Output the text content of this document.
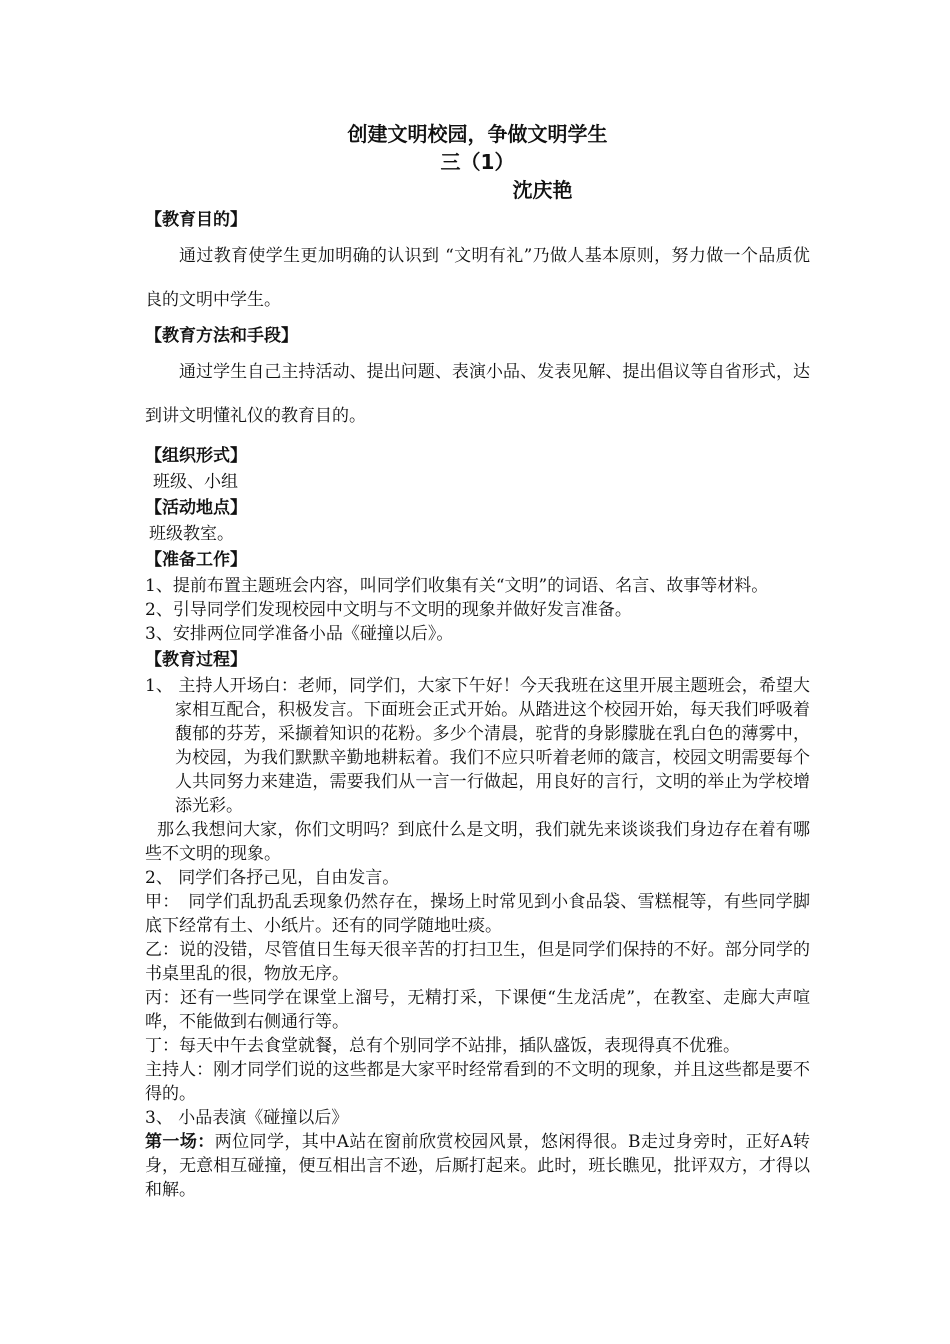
创建文明校园，争做文明学生
三（1）
沈庆艳
【教育目的】
通过教育使学生更加明确的认识到 “文明有礼”乃做人基本原则，努力做一个品质优良的文明中学生。
【教育方法和手段】
通过学生自己主持活动、提出问题、表演小品、发表见解、提出倡议等自省形式，达到讲文明懂礼仪的教育目的。
【组织形式】
班级、小组
【活动地点】
班级教室。
【准备工作】
1、提前布置主题班会内容，叫同学们收集有关“文明”的词语、名言、故事等材料。
2、引导同学们发现校园中文明与不文明的现象并做好发言准备。
3、安排两位同学准备小品《碰撞以后》。
【教育过程】
1、 主持人开场白：老师，同学们，大家下午好！今天我班在这里开展主题班会，希望大家相互配合，积极发言。下面班会正式开始。从踏进这个校园开始，每天我们呼吸着馥郁的芬芳，采撷着知识的花粉。多少个清晨，驼背的身影朦胧在乳白色的薄雾中，为校园，为我们默默辛勤地耕耘着。我们不应只听着老师的箴言，校园文明需要每个人共同努力来建造，需要我们从一言一行做起，用良好的言行，文明的举止为学校增添光彩。
那么我想问大家，你们文明吗？到底什么是文明，我们就先来谈谈我们身边存在着有哪些不文明的现象。
2、 同学们各抒己见，自由发言。
甲：　同学们乱扔乱丢现象仍然存在，操场上时常见到小食品袋、雪糕棍等，有些同学脚底下经常有土、小纸片。还有的同学随地吐痰。
乙：说的没错，尽管值日生每天很辛苦的打扫卫生，但是同学们保持的不好。部分同学的书桌里乱的很，物放无序。
丙：还有一些同学在课堂上溜号，无精打采，下课便“生龙活虎”，在教室、走廊大声喧哗，不能做到右侧通行等。
丁：每天中午去食堂就餐，总有个别同学不站排，插队盛饭，表现得真不优雅。
主持人：刚才同学们说的这些都是大家平时经常看到的不文明的现象，并且这些都是要不得的。
3、 小品表演《碰撞以后》
第一场：两位同学，其中A站在窗前欣赏校园风景，悠闲得很。B走过身旁时，正好A转身，无意相互碰撞，便互相出言不逊，后厮打起来。此时，班长瞧见，批评双方，才得以和解。
